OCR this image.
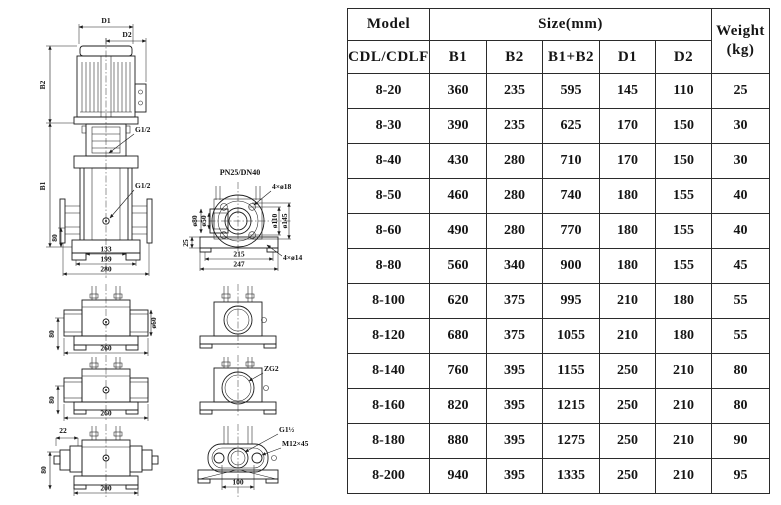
D1
D2
B2
B1
80
G1/2
G1/2
133
199
280
PN25/DN40
ø80 ø50	ø110 ø145
4×ø18
4×ø14
25
215
247
80
ø60
260
80
260
22
80
200
ZG2
G1½
M12×45
100
Model	Size(mm)					Weight
(kg)

CDL/CDLF	B1	B2	B1+B2	D1	D2	
8-20	360	235	595	145	110	25
8-30	390	235	625	170	150	30
8-40	430	280	710	170	150	30
8-50	460	280	740	180	155	40
8-60	490	280	770	180	155	40
8-80	560	340	900	180	155	45
8-100	620	375	995	210	180	55
8-120	680	375	1055	210	180	55
8-140	760	395	1155	250	210	80
8-160	820	395	1215	250	210	80
8-180	880	395	1275	250	210	90
8-200	940	395	1335	250	210	95
